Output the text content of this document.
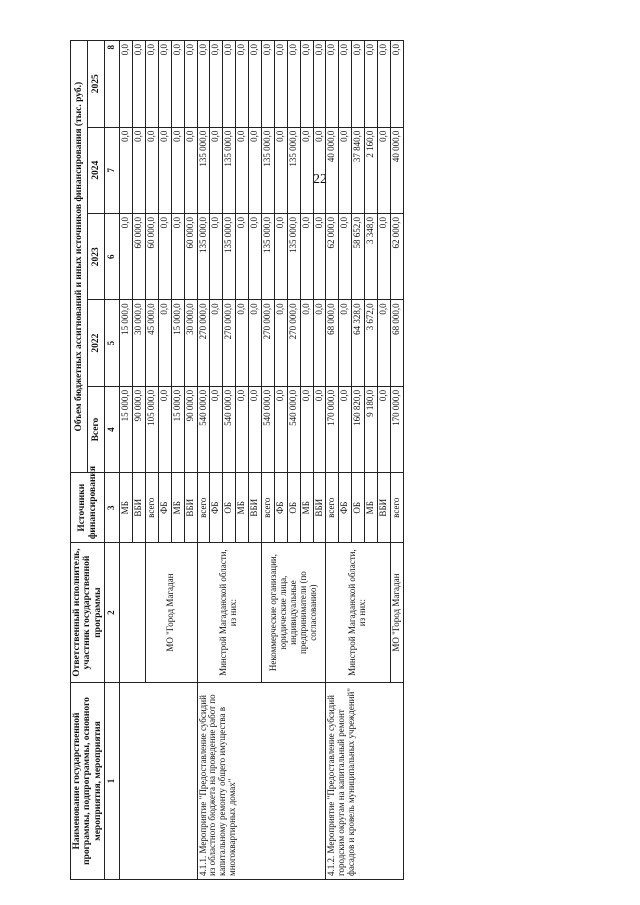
22
Наименование государственной программы, подпрограммы, основного мероприятия, мероприятия	Ответственный исполнитель, участник государственной программы	Источники финансирования	Объем бюджетных ассигнований и иных источников финансирования (тыс. руб.)				
			Всего	2022	2023	2024	2025
1	2	3	4	5	6	7	8
		МБ	15 000,0	15 000,0	0,0	0,0	0,0
		ВБИ	90 000,0	30 000,0	60 000,0	0,0	0,0
	МО "Город Магадан	всего	105 000,0	45 000,0	60 000,0	0,0	0,0
		ФБ	0,0	0,0	0,0	0,0	0,0
		МБ	15 000,0	15 000,0	0,0	0,0	0,0
		ВБИ	90 000,0	30 000,0	60 000,0	0,0	0,0
4.1.1. Мероприятие "Предоставление субсидий из областного бюджета на проведение работ по капитальному ремонту общего имущества в многоквартирных домах"	Минстрой Магаданской области, из них:	всего	540 000,0	270 000,0	135 000,0	135 000,0	0,0
		ФБ	0,0	0,0	0,0	0,0	0,0
		ОБ	540 000,0	270 000,0	135 000,0	135 000,0	0,0
		МБ	0,0	0,0	0,0	0,0	0,0
		ВБИ	0,0	0,0	0,0	0,0	0,0
	Некоммерческие организации, юридические лица, индивидуальные предприниматели (по согласованию)	всего	540 000,0	270 000,0	135 000,0	135 000,0	0,0
		ФБ	0,0	0,0	0,0	0,0	0,0
		ОБ	540 000,0	270 000,0	135 000,0	135 000,0	0,0
		МБ	0,0	0,0	0,0	0,0	0,0
		ВБИ	0,0	0,0	0,0	0,0	0,0
4.1.2. Мероприятие "Предоставление субсидий городским округам на капитальный ремонт фасадов и кровель муниципальных учреждений"	Минстрой Магаданской области, из них:	всего	170 000,0	68 000,0	62 000,0	40 000,0	0,0
		ФБ	0,0	0,0	0,0	0,0	0,0
		ОБ	160 820,0	64 328,0	58 652,0	37 840,0	0,0
		МБ	9 180,0	3 672,0	3 348,0	2 160,0	0,0
		ВБИ	0,0	0,0	0,0	0,0	0,0
	МО "Город Магадан	всего	170 000,0	68 000,0	62 000,0	40 000,0	0,0
